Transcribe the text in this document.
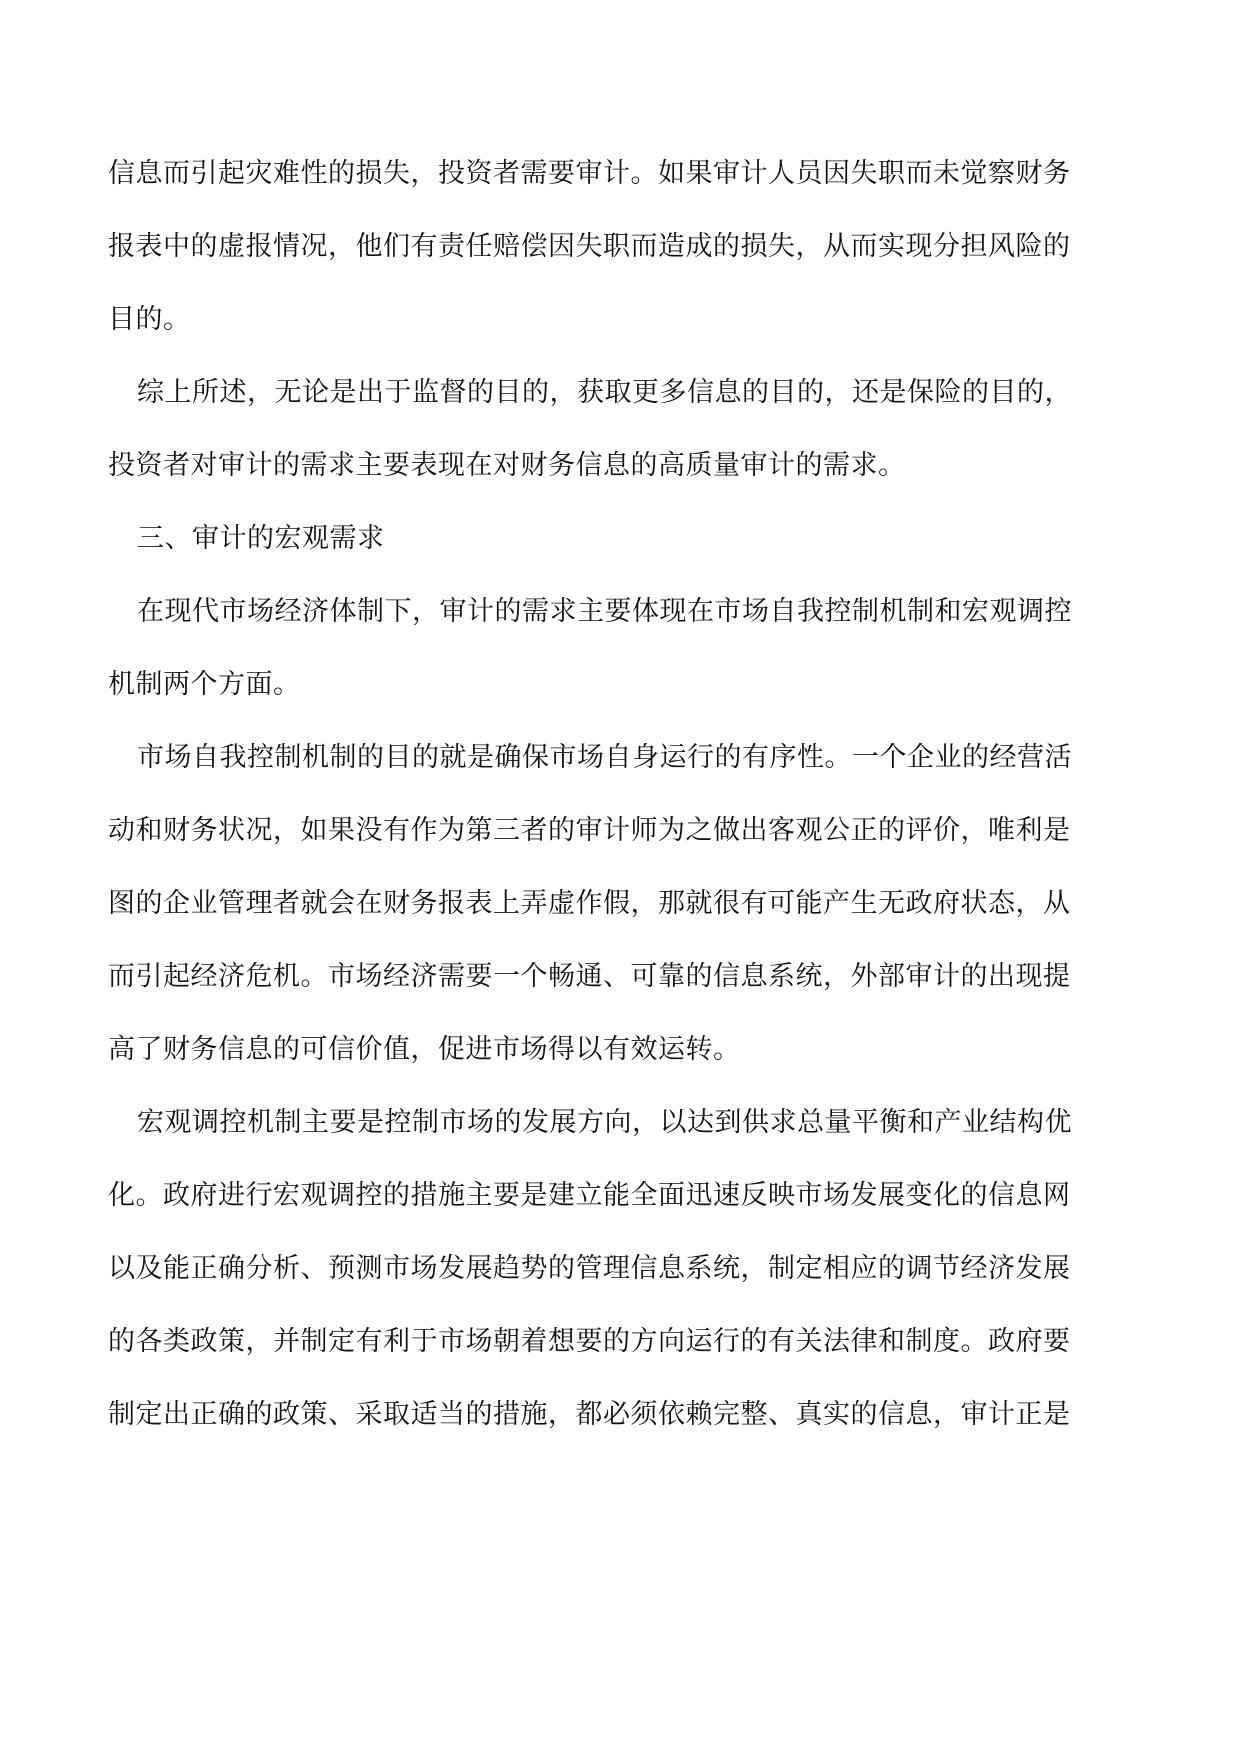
信息而引起灾难性的损失，投资者需要审计。如果审计人员因失职而未觉察财务
报表中的虚报情况，他们有责任赔偿因失职而造成的损失，从而实现分担风险的
目的。
综上所述，无论是出于监督的目的，获取更多信息的目的，还是保险的目的，
投资者对审计的需求主要表现在对财务信息的高质量审计的需求。
三、审计的宏观需求
在现代市场经济体制下，审计的需求主要体现在市场自我控制机制和宏观调控
机制两个方面。
市场自我控制机制的目的就是确保市场自身运行的有序性。一个企业的经营活
动和财务状况，如果没有作为第三者的审计师为之做出客观公正的评价，唯利是
图的企业管理者就会在财务报表上弄虚作假，那就很有可能产生无政府状态，从
而引起经济危机。市场经济需要一个畅通、可靠的信息系统，外部审计的出现提
高了财务信息的可信价值，促进市场得以有效运转。
宏观调控机制主要是控制市场的发展方向，以达到供求总量平衡和产业结构优
化。政府进行宏观调控的措施主要是建立能全面迅速反映市场发展变化的信息网
以及能正确分析、预测市场发展趋势的管理信息系统，制定相应的调节经济发展
的各类政策，并制定有利于市场朝着想要的方向运行的有关法律和制度。政府要
制定出正确的政策、采取适当的措施，都必须依赖完整、真实的信息，审计正是
